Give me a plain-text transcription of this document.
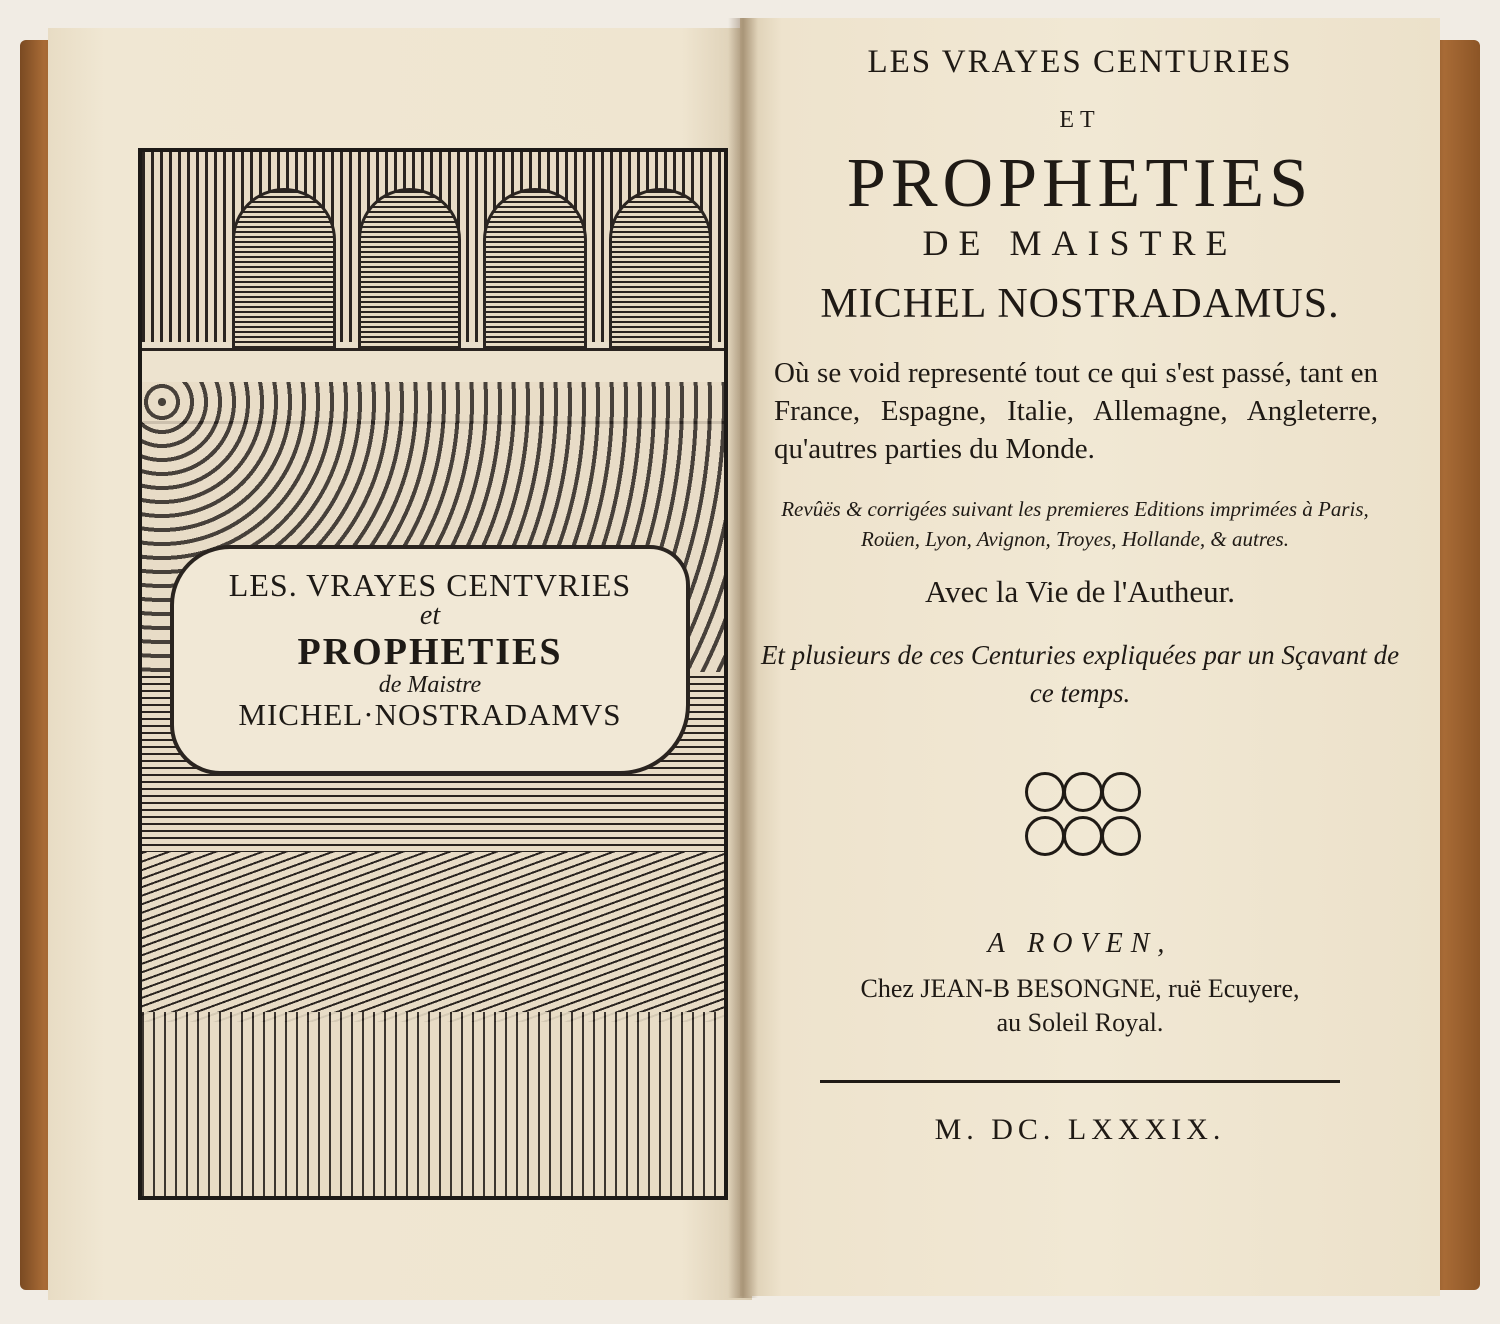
LES. VRAYES CENTVRIES
et
PROPHETIES
de Maistre
MICHEL·NOSTRADAMVS
LES VRAYES CENTURIES
ET
PROPHETIES
DE MAISTRE
MICHEL NOSTRADAMUS.
Où se void representé tout ce qui s'est passé, tant en France, Espagne, Italie, Allemagne, Angleterre, qu'autres parties du Monde.
Revûës & corrigées suivant les premieres Editions imprimées à Paris, Roüen, Lyon, Avignon, Troyes, Hollande, & autres.
Avec la Vie de l'Autheur.
Et plusieurs de ces Centuries expliquées par un Sçavant de ce temps.
A ROVEN,
Chez JEAN-B BESONGNE, ruë Ecuyere,
au Soleil Royal.
M. DC. LXXXIX.
